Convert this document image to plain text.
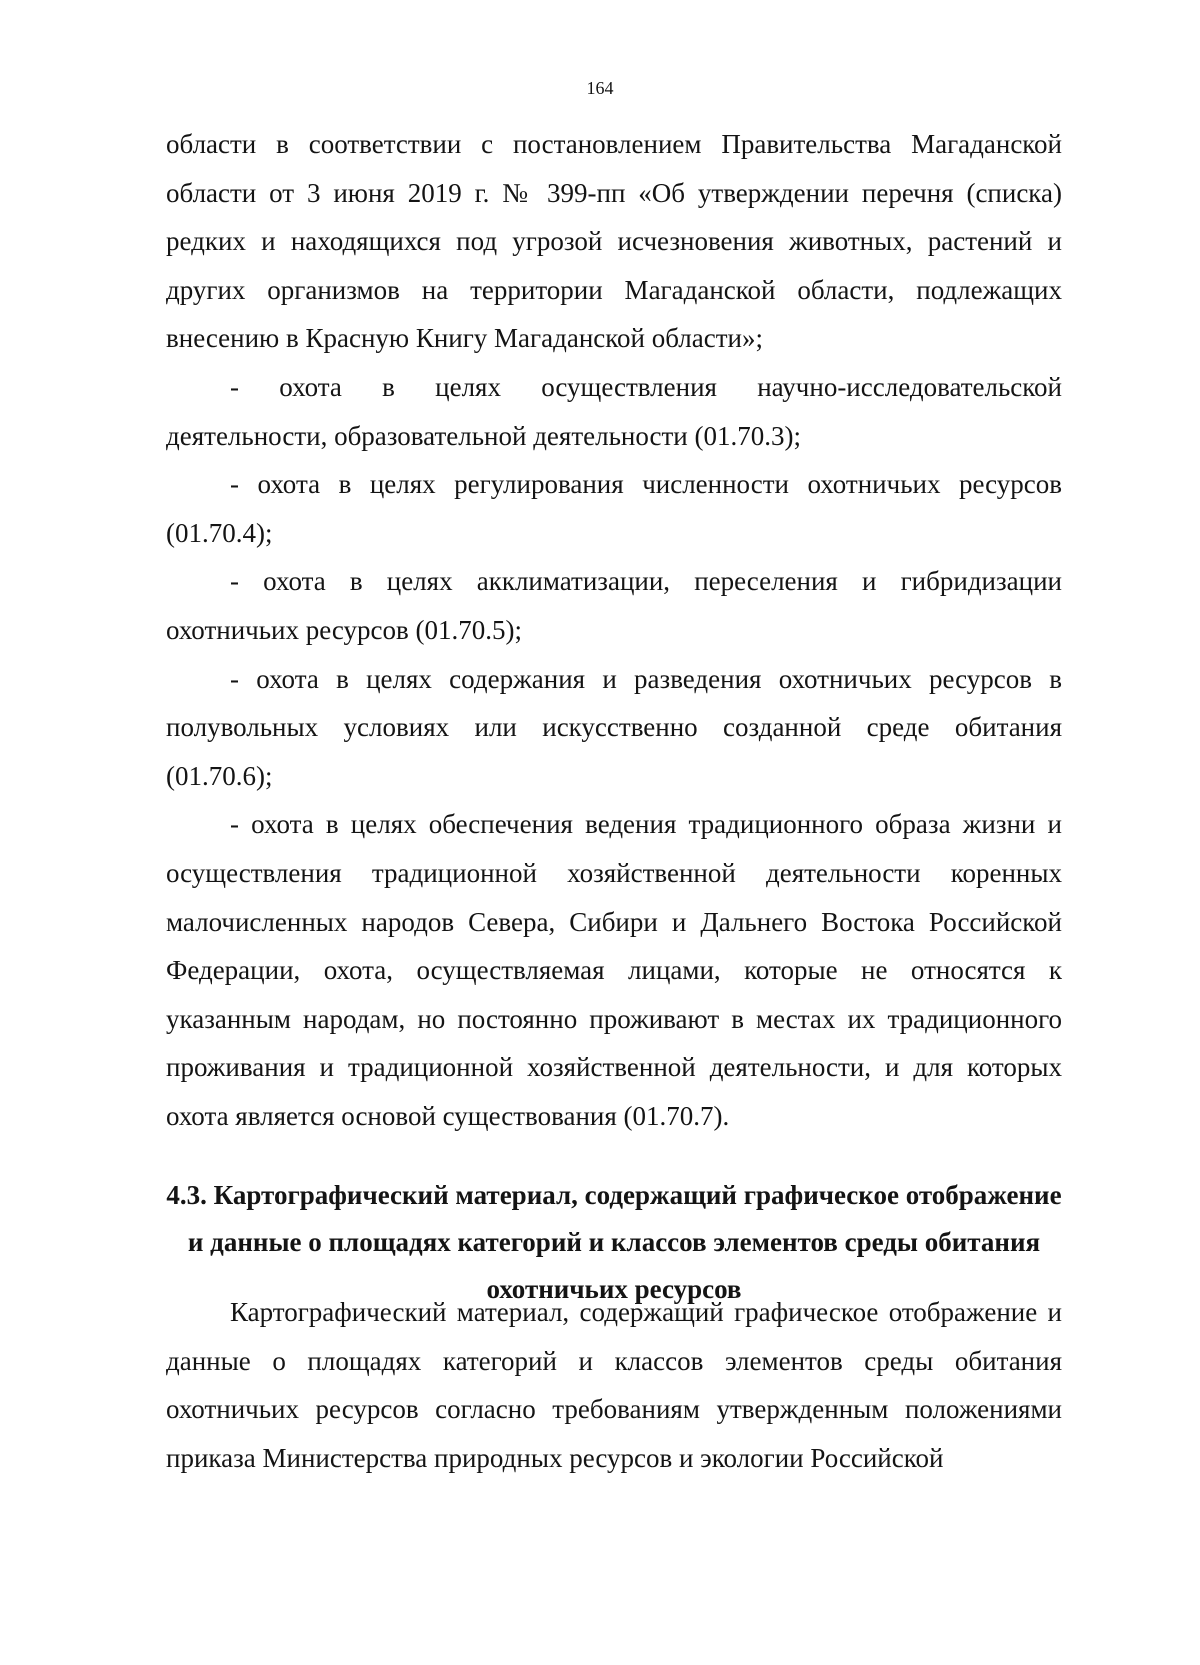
164

области в соответствии с постановлением Правительства Магаданской области от 3 июня 2019 г. № 399-пп «Об утверждении перечня (списка) редких и находящихся под угрозой исчезновения животных, растений и других организмов на территории Магаданской области, подлежащих внесению в Красную Книгу Магаданской области»;

- охота в целях осуществления научно-исследовательской деятельности, образовательной деятельности (01.70.3);

- охота в целях регулирования численности охотничьих ресурсов (01.70.4);

- охота в целях акклиматизации, переселения и гибридизации охотничьих ресурсов (01.70.5);

- охота в целях содержания и разведения охотничьих ресурсов в полувольных условиях или искусственно созданной среде обитания (01.70.6);

- охота в целях обеспечения ведения традиционного образа жизни и осуществления традиционной хозяйственной деятельности коренных малочисленных народов Севера, Сибири и Дальнего Востока Российской Федерации, охота, осуществляемая лицами, которые не относятся к указанным народам, но постоянно проживают в местах их традиционного проживания и традиционной хозяйственной деятельности, и для которых охота является основой существования (01.70.7).

4.3. Картографический материал, содержащий графическое отображение и данные о площадях категорий и классов элементов среды обитания охотничьих ресурсов

Картографический материал, содержащий графическое отображение и данные о площадях категорий и классов элементов среды обитания охотничьих ресурсов согласно требованиям утвержденным положениями приказа Министерства природных ресурсов и экологии Российской
